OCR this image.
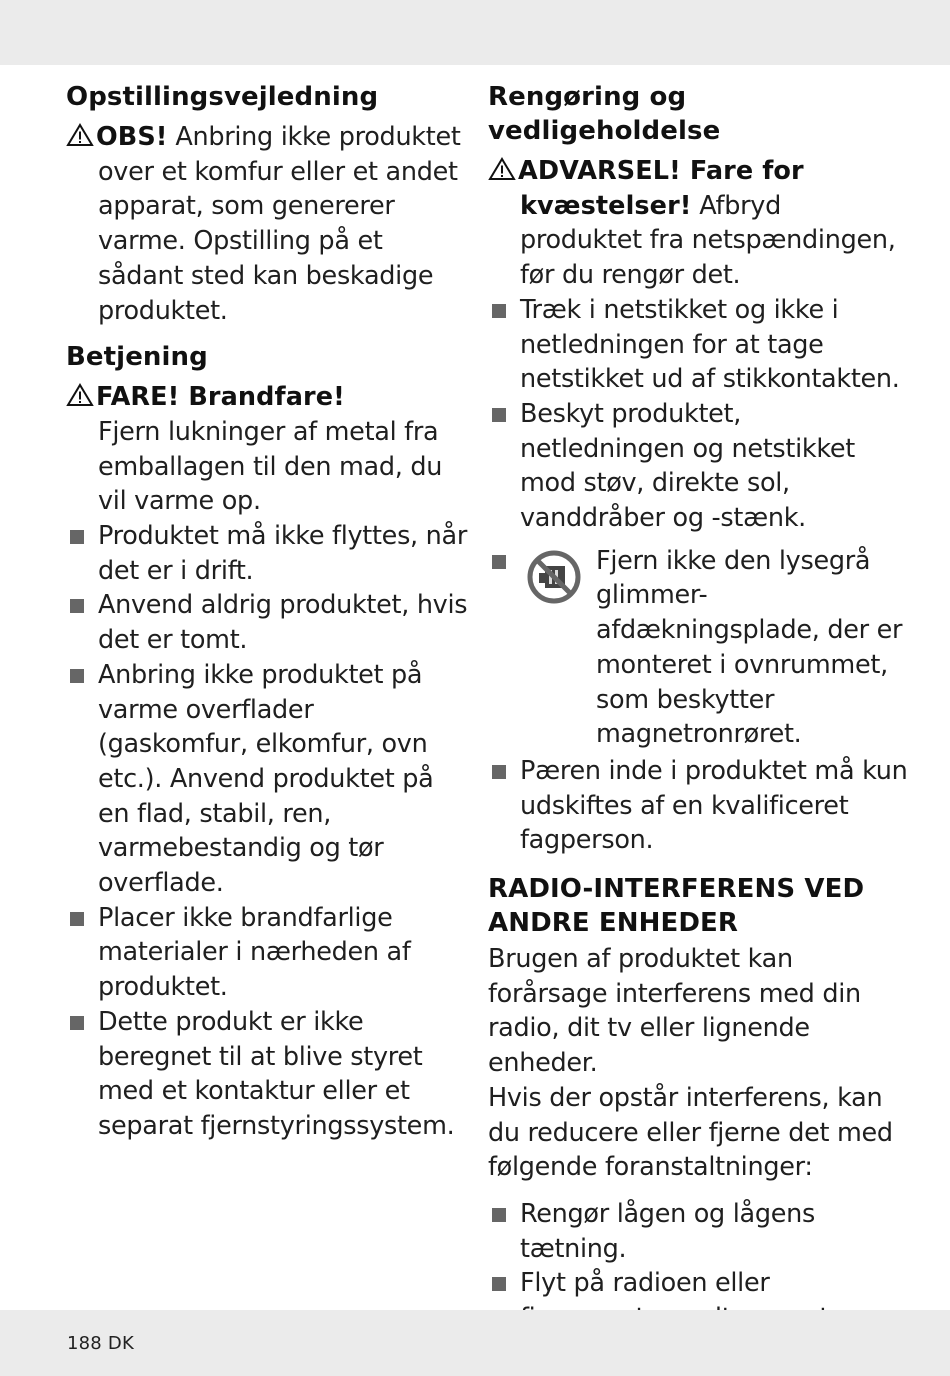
Opstillingsvejledning
OBS! Anbring ikke produktet over et komfur eller et andet apparat, som genererer varme. Opstilling på et sådant sted kan beskadige produktet.
Betjening
FARE! Brandfare!
Fjern lukninger af metal fra emballagen til den mad, du vil varme op.
Produktet må ikke flyttes, når det er i drift.
Anvend aldrig produktet, hvis det er tomt.
Anbring ikke produktet på varme overflader (gaskomfur, elkomfur, ovn etc.). Anvend produktet på en flad, stabil, ren, varmebestandig og tør overflade.
Placer ikke brandfarlige materialer i nærheden af produktet.
Dette produkt er ikke beregnet til at blive styret med et kontaktur eller et separat fjernstyringssystem.
Rengøring og vedligeholdelse
ADVARSEL! Fare for kvæstelser! Afbryd produktet fra netspændingen, før du rengør det.
Træk i netstikket og ikke i netledningen for at tage netstikket ud af stikkontakten.
Beskyt produktet, netledningen og netstikket mod støv, direkte sol, vanddråber og -stænk.
Fjern ikke den lysegrå glimmer-afdækningsplade, der er monteret i ovnrummet, som beskytter magnetronrøret.
Pæren inde i produktet må kun udskiftes af en kvalificeret fagperson.
RADIO-INTERFERENS VED ANDRE ENHEDER
Brugen af produktet kan forårsage interferens med din radio, dit tv eller lignende enheder.
Hvis der opstår interferens, kan du reducere eller fjerne det med følgende foranstaltninger:
Rengør lågen og lågens tætning.
Flyt på radioen eller
188 DK
